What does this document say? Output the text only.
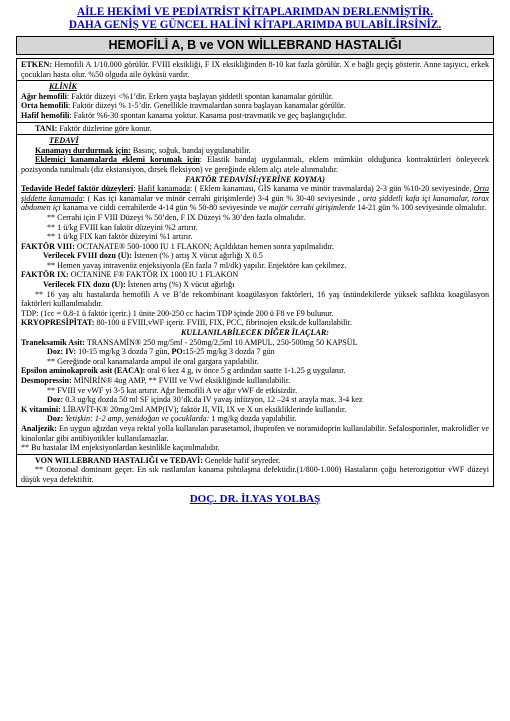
AİLE HEKİMİ VE PEDİATRİST KİTAPLARIMDAN DERLENMİŞTİR.
DAHA GENİŞ VE GÜNCEL HALİNİ KİTAPLARIMDA BULABİLİRSİNİZ.
HEMOFİLİ A, B ve VON WİLLEBRAND HASTALIĞI
ETKEN: Hemofili A 1/10.000 görülür. FVIII eksikliği, F IX eksikliğinden 8-10 kat fazla görülür. X e bağlı geçiş gösterir. Anne taşıyıcı, erkek çocukları hasta olur. %50 olguda aile öyküsü vardır.
KLİNİK
Ağır hemofili: Faktör düzeyi <%1’dir. Erken yaşta başlayan şiddetli spontan kanamalar görülür.
Orta hemofili: Faktör düzeyi % 1-5’dir. Genellikle travmalardan sonra başlayan kanamalar görülür.
Hafif hemofili: Faktör %6-30 spontan kanama yoktur. Kanama post-travmatik ve geç başlangıçlıdır.
TANI: Faktör düzlerine göre konur.
TEDAVİ
Kanamayı durdurmak için: Basınç, soğuk, bandaj uygulanabilir.
Eklemiçi kanamalarda eklemi korumak için: Elastik bandaj uygulanmalı, eklem mümkün olduğunca kontraktürleri önleyecek pozisyonda tutulmalı (diz ekstansiyon, dirsek fleksiyon) ve gereğinde eklem alçı atele alınmalıdır.
FAKTÖR TEDAVİSİ:(YERİNE KOYMA)
Tedavide Hedef faktör düzeyleri: Hafif kanamada: ( Eklem kanaması, GİS kanama ve minör travmalarda) 2-3 gün %10-20 seviyesinde, Orta şiddette kanamada: ( Kas içi kanamalar ve minör cerrahi girişimlerde) 3-4 gün % 30-40 seviyesinde , orta şiddetli kafa içi kanamalar, torax abdomen içi kanama ve ciddi cerrahilerde 4-14 gün % 50-80 seviyesinde ve majör cerrahi girişimlerde 14-21 gün % 100 seviyesinde olmalıdır.
** Cerrahi için F VIII Düzeyi % 50’den, F IX Düzeyi % 30’den fazla olmalıdır.
** 1 ü/kg FVIII kan faktör düzeyini %2 artırır.
** 1 ü/kg FIX kan faktör düzeyini %1 artırır.
FAKTÖR VIII: OCTANATE® 500-1000 IU 1 FLAKON; Açıldıktan hemen sonra yapılmalıdır.
Verilecek FVIII dozu (U): İstenen (% ) artış X vücut ağırlığı X 0.5
** Hemen yavaş intravenöz enjeksiyonla (En fazla 7 ml/dk) yapılır. Enjektöre kan çekilmez.
FAKTÖR IX: OCTANINE F® FAKTÖR IX 1000 IU 1 FLAKON
Verilecek FIX dozu (U): İstenen artış (%) X vücut ağırlığı
** 16 yaş altı hastalarda hemofili A ve B’de rekombinant koagülasyon faktörleri, 16 yaş üstündekilerde yüksek saflıkta koagülasyon faktörleri kullanılmalıdır.
TDP: (1cc = 0.8-1 ü faktör içerir.) 1 ünite 200-250 cc hacim TDP içinde 200 ü F8 ve F9 bulunur.
KRYOPRESİPİTAT: 80-100 ü FVIII,vWF içerir. FVIII, FIX, PCC, fibrinojen eksik.de kullanılabilir.
KULLANILABİLECEK DİĞER İLAÇLAR:
Traneksamik Asit: TRANSAMİN® 250 mg/5ml - 250mg/2,5ml 10 AMPUL, 250-500mg 50 KAPSÜL
Doz: IV: 10-15 mg/kg 3 dozda 7 gün, PO:15-25 mg/kg 3 dozda 7 gün
** Gereğinde oral kanamalarda ampul ile oral gargara yapılabilir.
Epsilon aminokaproik asit (EACA): oral 6 kez 4 g, iv önce 5 g ardından saatte 1-1.25 g uygulanır.
Desmopressin: MİNİRİN® 4ug AMP, ** FVIII ve Vwf eksikliğinde kullanılabilir.
** FVIII ve vWF yi 3-5 kat artırır. Ağır hemofili A ve ağır vWF de etkisizdir.
Doz: 0.3 ug/kg dozda 50 ml SF içinda 30’dk.da IV yavaş infüzyon, 12 –24 st arayla max. 3-4 kez
K vitamini: LİBAVİT-K® 20mg/2ml AMP(IV); faktör II, VII, IX ve X un eksikliklerinde kullanılır.
Doz: Yetişkin: 1-2 amp, yenidoğan ve çocuklarda: 1 mg/kg dozda yapılabilir.
Analjezik: En uygun ağızdan veya rektal yolla kullanılan parasetamol, ibuprofen ve noramidoprin kullanılabilir. Sefalosporinler, makrolidler ve kinolonlar gibi antibiyotikler kullanılamazlar.
** Bu hastalar IM enjeksiyonlardan kesinlikle kaçınılmalıdır.
VON WILLEBRAND HASTALIĞI ve TEDAVİ: Genelde hafif seyreder.
** Otozomal dominant geçer. En sık rastlanılan kanama pıhtılaşma defektidir.(1/800-1.000) Hastaların çoğu heterozigottur vWF düzeyi düşük veya defektiftir.
DOÇ. DR. İLYAS YOLBAŞ
